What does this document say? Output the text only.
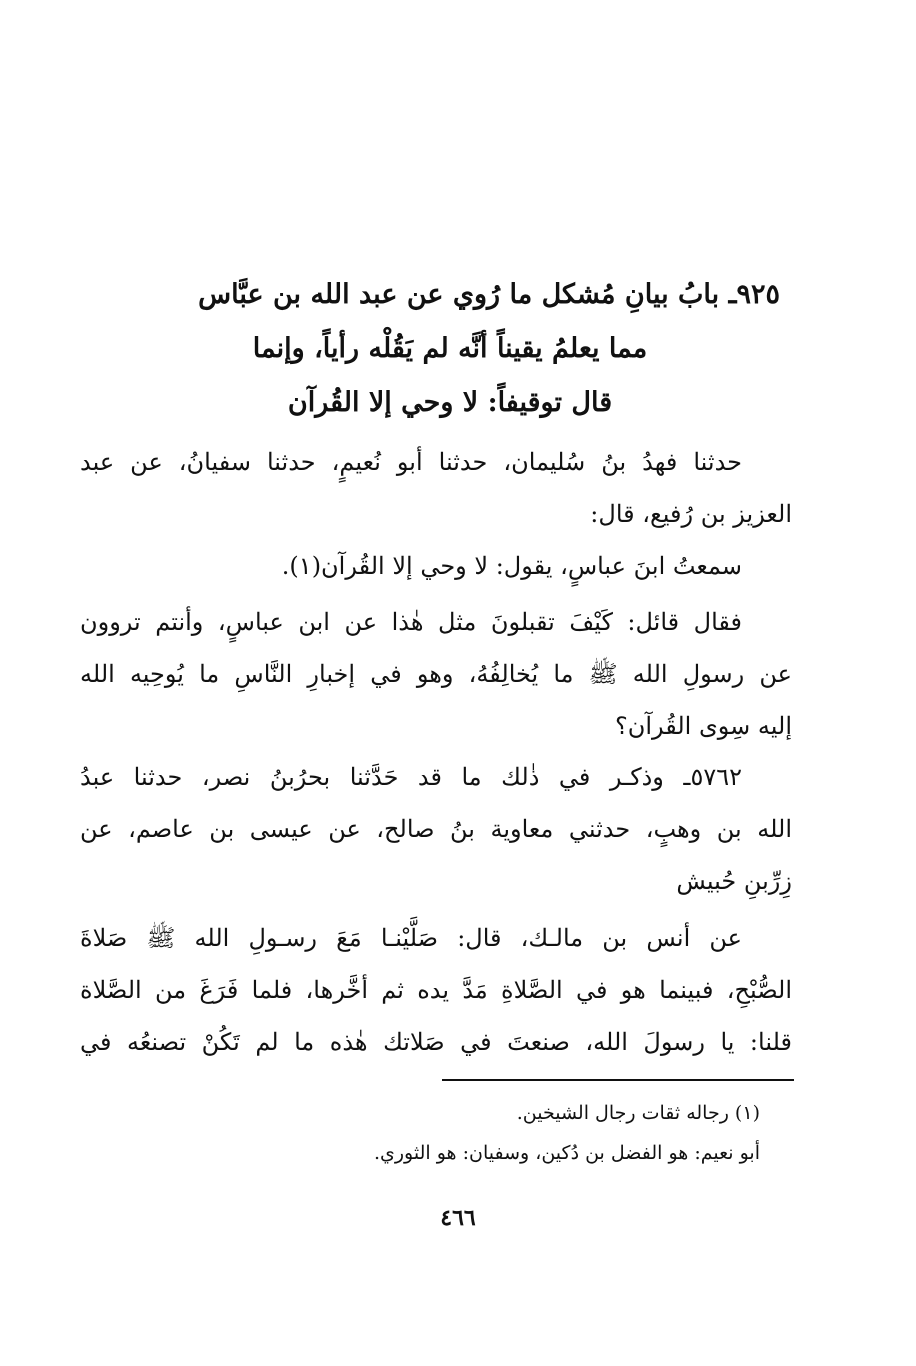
٩٢٥ـ بابُ بيانِ مُشكل ما رُوي عن عبد الله بن عبَّاس
مما يعلمُ يقيناً أنَّه لم يَقُلْه رأياً، وإنما
قال توقيفاً: لا وحي إلا القُرآن
حدثنا فهدُ بنُ سُليمان، حدثنا أبو نُعيمٍ، حدثنا سفيانُ، عن عبد
العزيز بن رُفيع، قال:
سمعتُ ابنَ عباسٍ، يقول: لا وحي إلا القُرآن(١).
فقال قائل: كَيْفَ تقبلونَ مثل هٰذا عن ابن عباسٍ، وأنتم تروون
عن رسولِ الله ﷺ ما يُخالِفُهُ، وهو في إخبارِ النَّاسِ ما يُوحِيه الله
إليه سِوى القُرآن؟
٥٧٦٢ـ وذكـر في ذٰلك ما قد حَدَّثنا بحرُبنُ نصر، حدثنا عبدُ
الله بن وهبٍ، حدثني معاوية بنُ صالح، عن عيسى بن عاصم، عن
زِرِّبنِ حُبيش
عن أنس بن مالـك، قال: صَلَّيْنـا مَعَ رسـولِ الله ﷺ صَلاةَ
الصُّبْحِ، فبينما هو في الصَّلاةِ مَدَّ يده ثم أخَّرها، فلما فَرَغَ من الصَّلاة
قلنا: يا رسولَ الله، صنعتَ في صَلاتك هٰذه ما لم تَكُنْ تصنعُه في
(١) رجاله ثقات رجال الشيخين.
أبو نعيم: هو الفضل بن دُكين، وسفيان: هو الثوري.
٤٦٦
